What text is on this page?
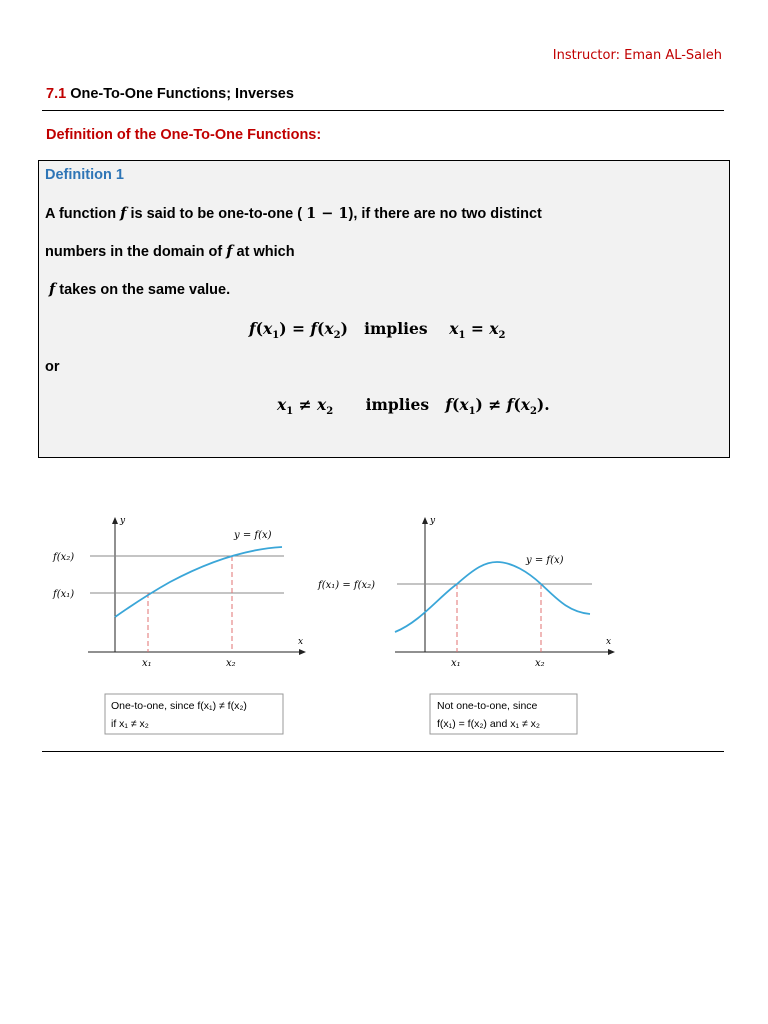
Instructor: Eman AL-Saleh
7.1 One-To-One Functions; Inverses
Definition of the One-To-One Functions:
Definition 1
A function f is said to be one-to-one ( 1 − 1), if there are no two distinct
numbers in the domain of f at which
f takes on the same value.
$f(x_1) = f(x_2)$   implies $x_1 = x_2$
or
$x_1 \ne x_2$ implies $f(x_1) \ne f(x_2)$.
y
x
y = f(x)
f(x₂)
f(x₁)
x₁	x₂
One-to-one, since f(x₁) ≠ f(x₂)
if x₁ ≠ x₂
y
x
y = f(x)
f(x₁) = f(x₂)
x₁	x₂
Not one-to-one, since
f(x₁) = f(x₂) and x₁ ≠ x₂
